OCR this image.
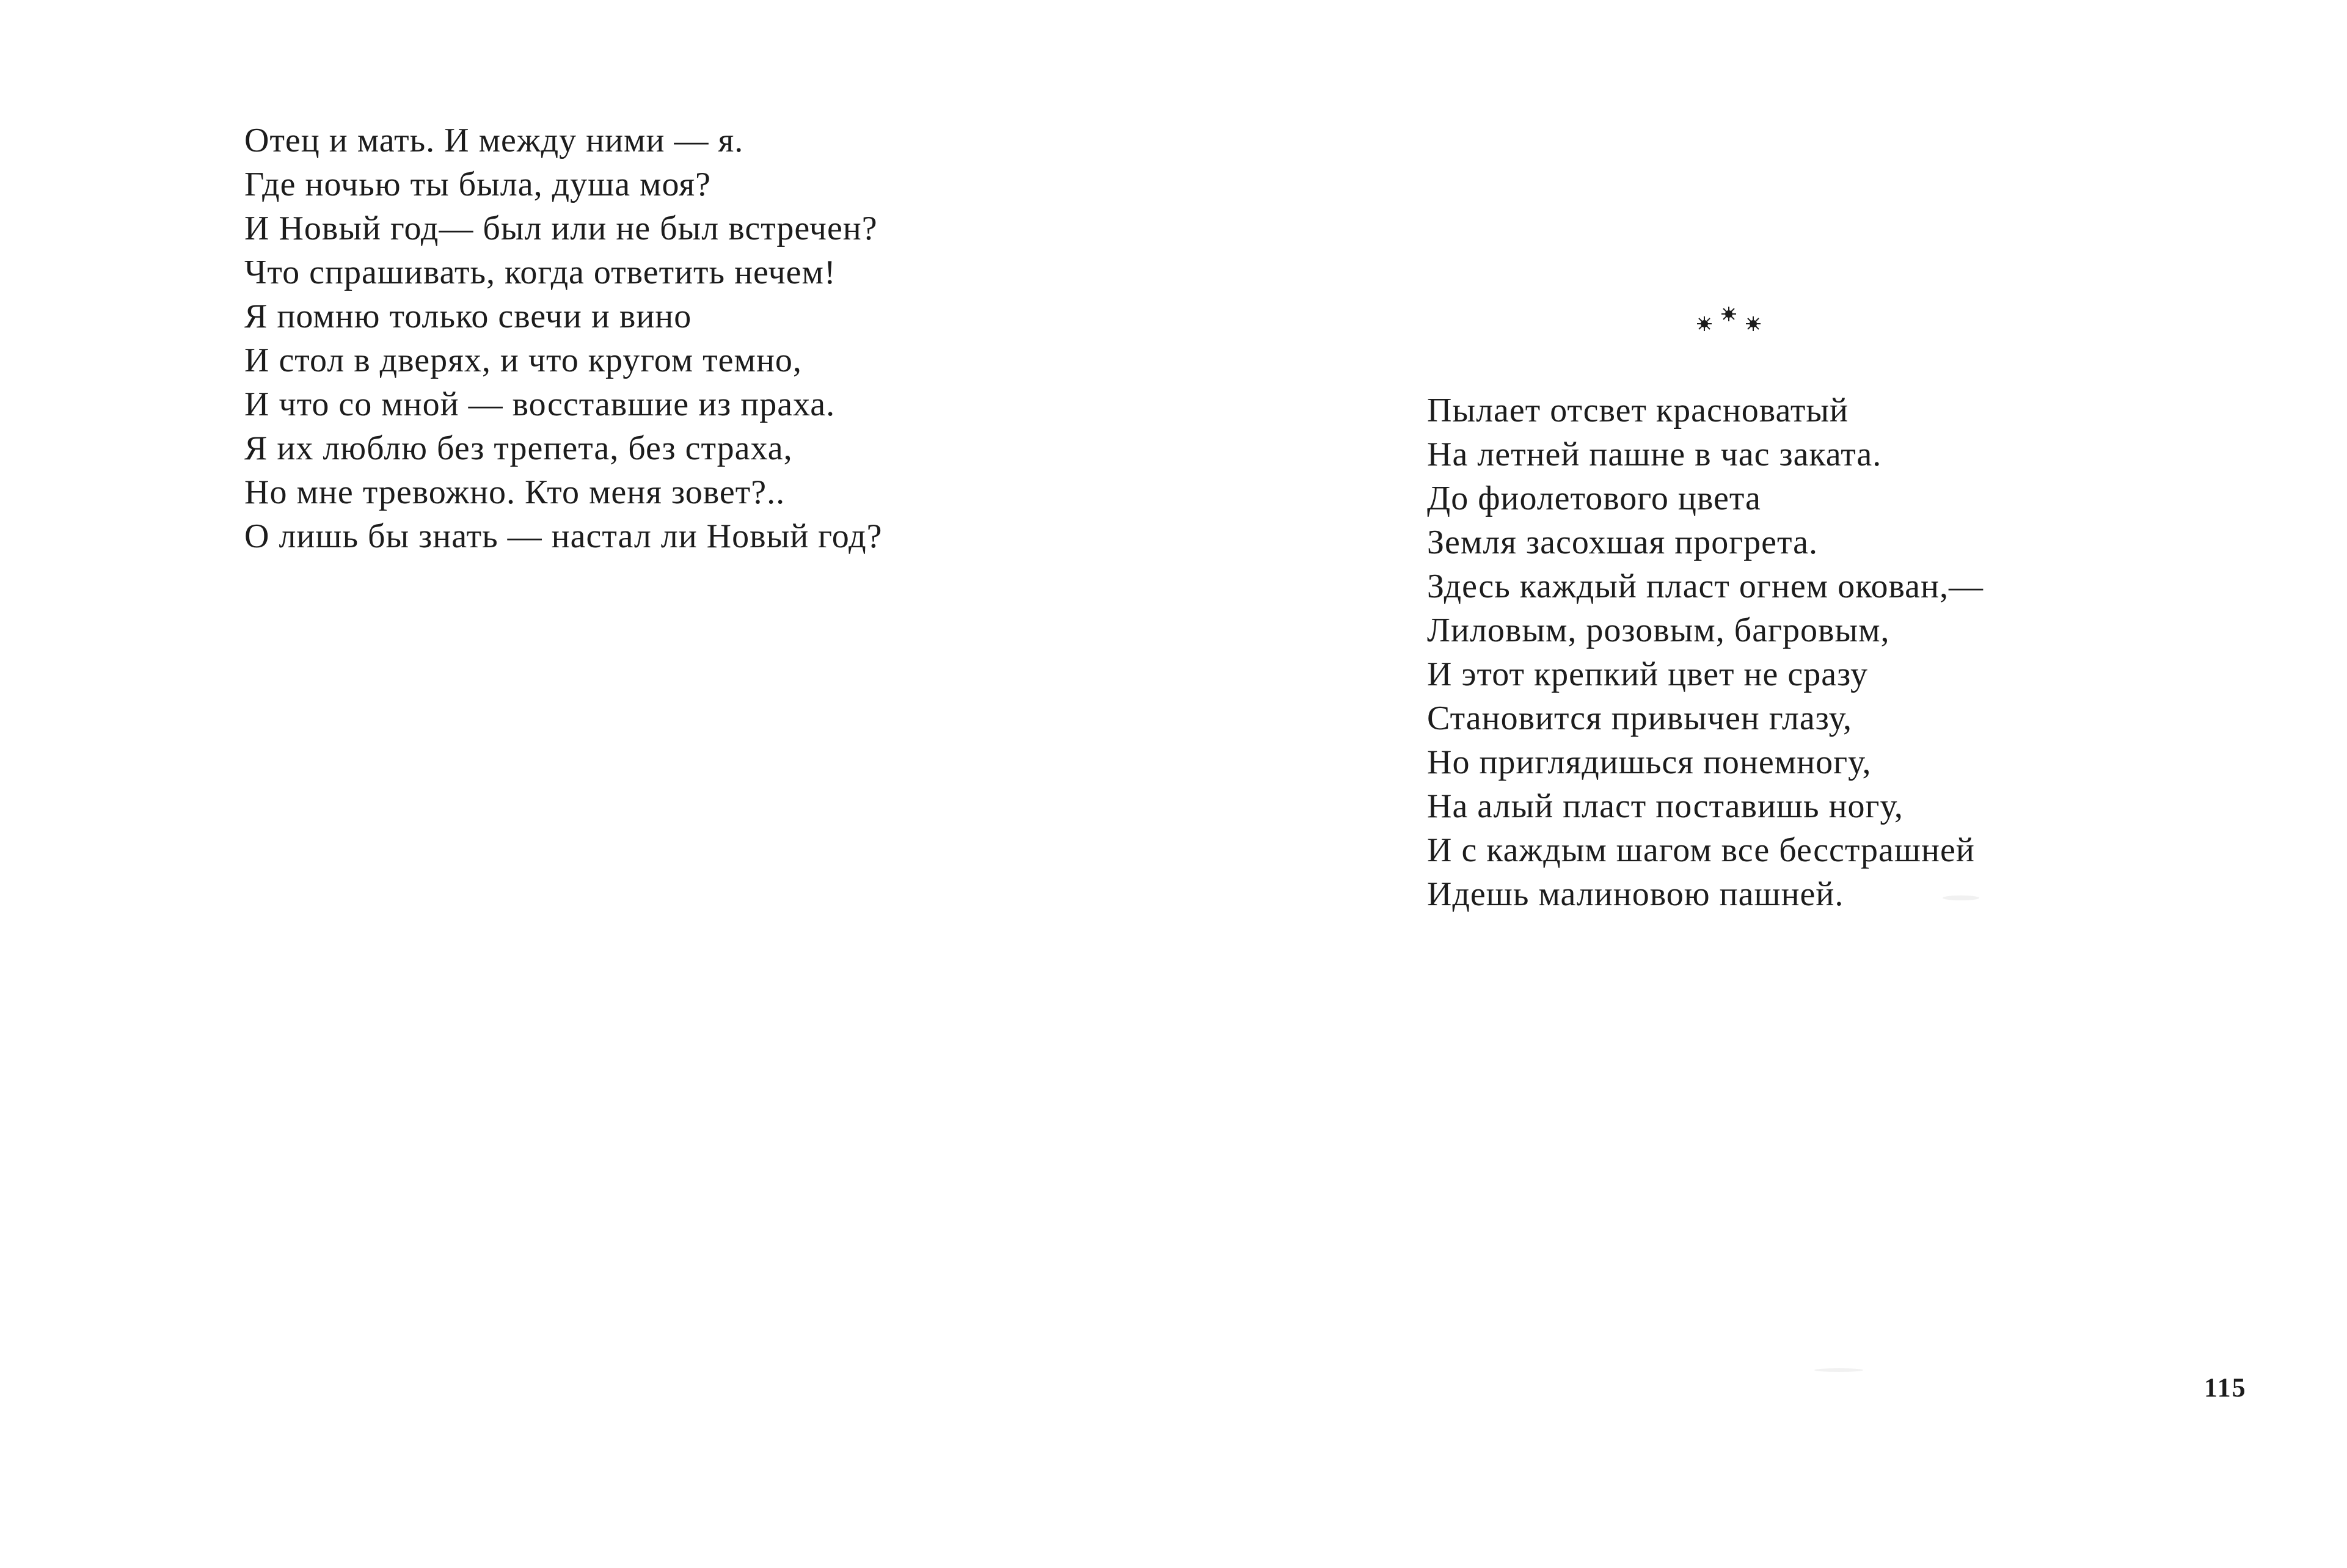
Отец и мать. И между ними — я.
Где ночью ты была, душа моя?
И Новый год— был или не был встречен?
Что спрашивать, когда ответить нечем!
Я помню только свечи и вино
И стол в дверях, и что кругом темно,
И что со мной — восставшие из праха.
Я их люблю без трепета, без страха,
Но мне тревожно. Кто меня зовет?..
О лишь бы знать — настал ли Новый год?
Пылает отсвет красноватый
На летней пашне в час заката.
До фиолетового цвета
Земля засохшая прогрета.
Здесь каждый пласт огнем окован,—
Лиловым, розовым, багровым,
И этот крепкий цвет не сразу
Становится привычен глазу,
Но приглядишься понемногу,
На алый пласт поставишь ногу,
И с каждым шагом все бесстрашней
Идешь малиновою пашней.
115
